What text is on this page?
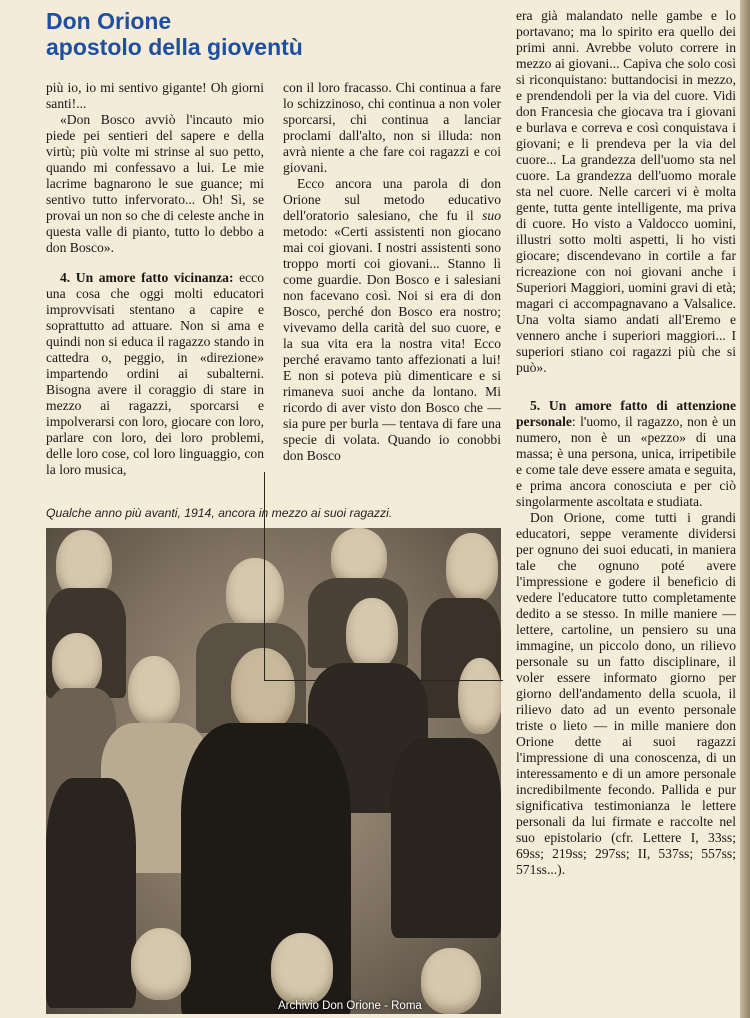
Don Orione
apostolo della gioventù

più io, io mi sentivo gigante! Oh giorni santi!...

«Don Bosco avviò l'incauto mio piede pei sentieri del sapere e della virtù; più volte mi strinse al suo petto, quando mi confessavo a lui. Le mie lacrime bagnarono le sue guance; mi sentivo tutto infervorato... Oh! Sì, se provai un non so che di celeste anche in questa valle di pianto, tutto lo debbo a don Bosco».

4. Un amore fatto vicinanza: ecco una cosa che oggi molti educatori improvvisati stentano a capire e soprattutto ad attuare. Non si ama e quindi non si educa il ragazzo stando in cattedra o, peggio, in «direzione» impartendo ordini ai subalterni. Bisogna avere il coraggio di stare in mezzo ai ragazzi, sporcarsi e impolverarsi con loro, giocare con loro, parlare con loro, dei loro problemi, delle loro cose, col loro linguaggio, con la loro musica,

con il loro fracasso. Chi continua a fare lo schizzinoso, chi continua a non voler sporcarsi, chi continua a lanciar proclami dall'alto, non si illuda: non avrà niente a che fare coi ragazzi e coi giovani.

Ecco ancora una parola di don Orione sul metodo educativo dell'oratorio salesiano, che fu il suo metodo: «Certi assistenti non giocano mai coi giovani. I nostri assistenti sono troppo morti coi giovani... Stanno lì come guardie. Don Bosco e i salesiani non facevano così. Noi si era di don Bosco, perché don Bosco era nostro; vivevamo della carità del suo cuore, e la sua vita era la nostra vita! Ecco perché eravamo tanto affezionati a lui! E non si poteva più dimenticare e si rimaneva suoi anche da lontano. Mi ricordo di aver visto don Bosco che — sia pure per burla — tentava di fare una specie di volata. Quando io conobbi don Bosco

era già malandato nelle gambe e lo portavano; ma lo spirito era quello dei primi anni. Avrebbe voluto correre in mezzo ai giovani... Capiva che solo così si riconquistano: buttandocisi in mezzo, e prendendoli per la via del cuore. Vidi don Francesia che giocava tra i giovani e burlava e correva e così conquistava i giovani; e li prendeva per la via del cuore... La grandezza dell'uomo sta nel cuore. La grandezza dell'uomo morale sta nel cuore. Nelle carceri vi è molta gente, tutta gente intelligente, ma priva di cuore. Ho visto a Valdocco uomini, illustri sotto molti aspetti, li ho visti giocare; discendevano in cortile a far ricreazione con noi giovani anche i Superiori Maggiori, uomini gravi di età; magari ci accompagnavano a Valsalice. Una volta siamo andati all'Eremo e vennero anche i superiori maggiori... I superiori stiano coi ragazzi più che si può».

5. Un amore fatto di attenzione personale: l'uomo, il ragazzo, non è un numero, non è un «pezzo» di una massa; è una persona, unica, irripetibile e come tale deve essere amata e seguita, e prima ancora conosciuta e per ciò singolarmente ascoltata e studiata.

Don Orione, come tutti i grandi educatori, seppe veramente dividersi per ognuno dei suoi educati, in maniera tale che ognuno poté avere l'impressione e godere il beneficio di vedere l'educatore tutto completamente dedito a se stesso. In mille maniere — lettere, cartoline, un pensiero su una immagine, un piccolo dono, un rilievo personale su un fatto disciplinare, il voler essere informato giorno per giorno dell'andamento della scuola, il rilievo dato ad un evento personale triste o lieto — in mille maniere don Orione dette ai suoi ragazzi l'impressione di una conoscenza, di un interessamento e di un amore personale incredibilmente fecondo. Pallida e pur significativa testimonianza le lettere personali da lui firmate e raccolte nel suo epistolario (cfr. Lettere I, 33ss; 69ss; 219ss; 297ss; II, 537ss; 557ss; 571ss...).

Qualche anno più avanti, 1914, ancora in mezzo ai suoi ragazzi.
Archivio Don Orione - Roma
